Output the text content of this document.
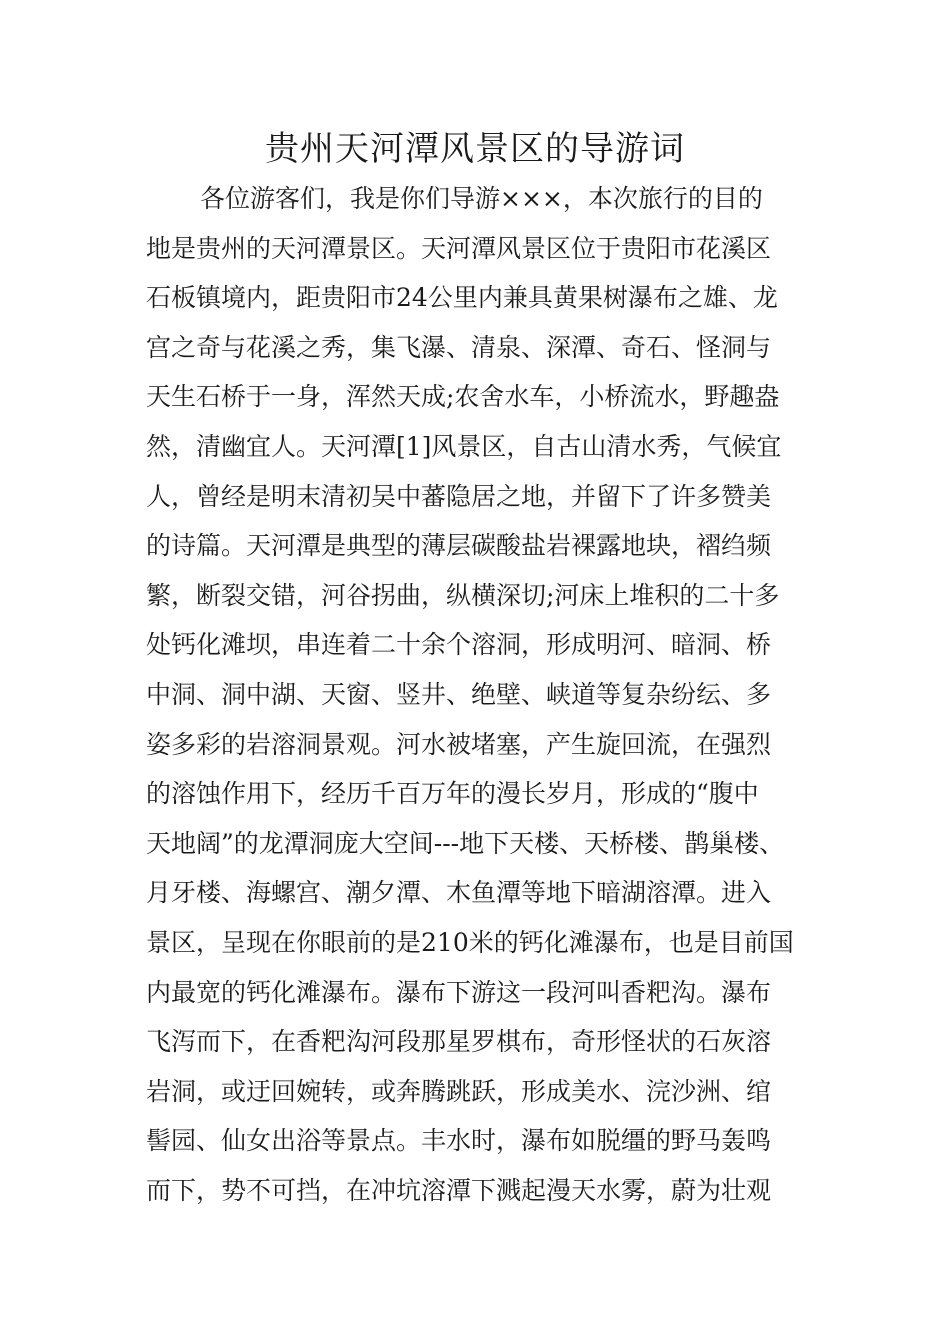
贵州天河潭风景区的导游词
各位游客们，我是你们导游×××，本次旅行的目的
地是贵州的天河潭景区。天河潭风景区位于贵阳市花溪区
石板镇境内，距贵阳市24公里内兼具黄果树瀑布之雄、龙
宫之奇与花溪之秀，集飞瀑、清泉、深潭、奇石、怪洞与
天生石桥于一身，浑然天成;农舍水车，小桥流水，野趣盎
然，清幽宜人。天河潭[1]风景区，自古山清水秀，气候宜
人，曾经是明末清初吴中蕃隐居之地，并留下了许多赞美
的诗篇。天河潭是典型的薄层碳酸盐岩裸露地块，褶绉频
繁，断裂交错，河谷拐曲，纵横深切;河床上堆积的二十多
处钙化滩坝，串连着二十余个溶洞，形成明河、暗洞、桥
中洞、洞中湖、天窗、竖井、绝壁、峡道等复杂纷纭、多
姿多彩的岩溶洞景观。河水被堵塞，产生旋回流，在强烈
的溶蚀作用下，经历千百万年的漫长岁月，形成的“腹中
天地阔”的龙潭洞庞大空间---地下天楼、天桥楼、鹊巢楼、
月牙楼、海螺宫、潮夕潭、木鱼潭等地下暗湖溶潭。进入
景区，呈现在你眼前的是210米的钙化滩瀑布，也是目前国
内最宽的钙化滩瀑布。瀑布下游这一段河叫香粑沟。瀑布
飞泻而下，在香粑沟河段那星罗棋布，奇形怪状的石灰溶
岩洞，或迂回婉转，或奔腾跳跃，形成美水、浣沙洲、绾
髻园、仙女出浴等景点。丰水时，瀑布如脱缰的野马轰鸣
而下，势不可挡，在冲坑溶潭下溅起漫天水雾，蔚为壮观
